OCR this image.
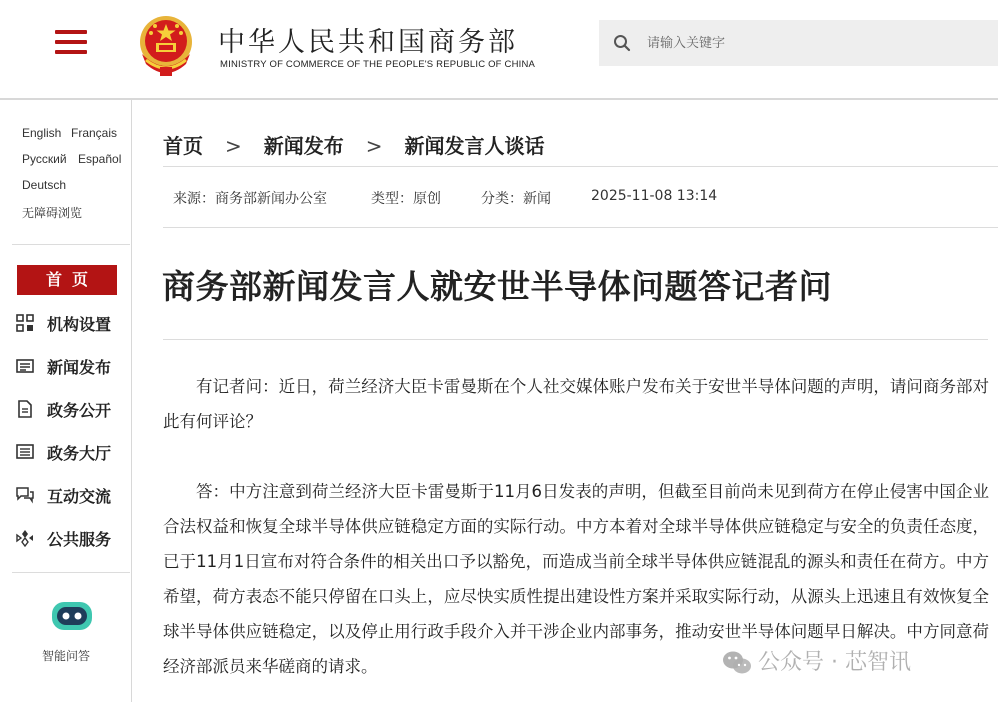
中华人民共和国商务部
MINISTRY OF COMMERCE OF THE PEOPLE'S REPUBLIC OF CHINA
请输入关键字
English Français
Русский Español
Deutsch
无障碍浏览
首页
机构设置
新闻发布
政务公开
政务大厅
互动交流
公共服务
智能问答
首页 > 新闻发布 > 新闻发言人谈话
来源：商务部新闻办公室	类型：原创	分类：新闻	2025-11-08 13:14
商务部新闻发言人就安世半导体问题答记者问

有记者问：近日，荷兰经济大臣卡雷曼斯在个人社交媒体账户发布关于安世半导体问题的声明，请问商务部对此有何评论？

答：中方注意到荷兰经济大臣卡雷曼斯于11月6日发表的声明，但截至目前尚未见到荷方在停止侵害中国企业合法权益和恢复全球半导体供应链稳定方面的实际行动。中方本着对全球半导体供应链稳定与安全的负责任态度，已于11月1日宣布对符合条件的相关出口予以豁免，而造成当前全球半导体供应链混乱的源头和责任在荷方。中方希望，荷方表态不能只停留在口头上，应尽快实质性提出建设性方案并采取实际行动，从源头上迅速且有效恢复全球半导体供应链稳定，以及停止用行政手段介入并干涉企业内部事务，推动安世半导体问题早日解决。中方同意荷经济部派员来华磋商的请求。	公众号 · 芯智讯
